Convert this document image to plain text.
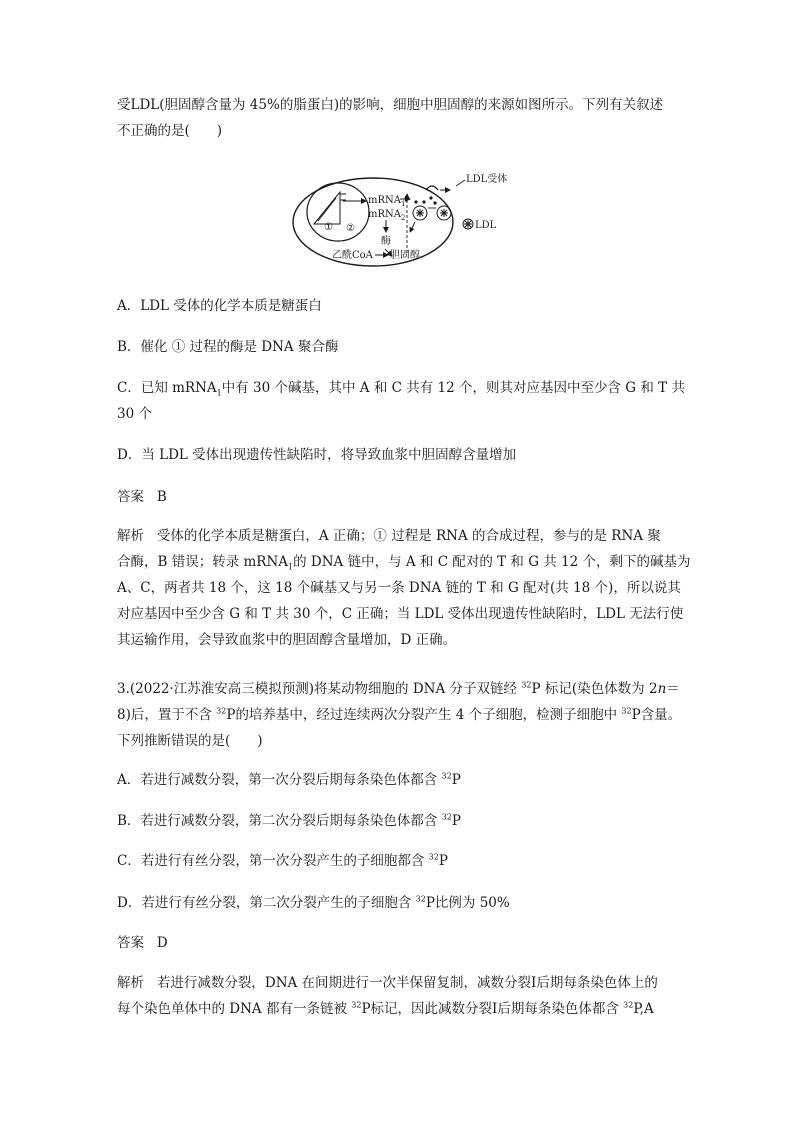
受LDL(胆固醇含量为 45%的脂蛋白)的影响，细胞中胆固醇的来源如图所示。下列有关叙述
不正确的是(　　)
① ②
mRNA$_1$
mRNA$_2$
酶
LDL受体
LDL
乙酰CoA 胆固醇
A．LDL 受体的化学本质是糖蛋白
B．催化 ① 过程的酶是 DNA 聚合酶
C．已知 mRNA$_1$中有 30 个碱基，其中 A 和 C 共有 12 个，则其对应基因中至少含 G 和 T 共
30 个
D．当 LDL 受体出现遗传性缺陷时，将导致血浆中胆固醇含量增加
答案 B
解析 受体的化学本质是糖蛋白，A 正确；① 过程是 RNA 的合成过程，参与的是 RNA 聚
合酶，B 错误；转录 mRNA$_1$的 DNA 链中，与 A 和 C 配对的 T 和 G 共 12 个，剩下的碱基为
A、C，两者共 18 个，这 18 个碱基又与另一条 DNA 链的 T 和 G 配对(共 18 个)，所以说其
对应基因中至少含 G 和 T 共 30 个，C 正确；当 LDL 受体出现遗传性缺陷时，LDL 无法行使
其运输作用，会导致血浆中的胆固醇含量增加，D 正确。
3.(2022·江苏淮安高三模拟预测)将某动物细胞的 DNA 分子双链经 $^{32}$P 标记(染色体数为 2n＝
8)后，置于不含 $^{32}$P的培养基中，经过连续两次分裂产生 4 个子细胞，检测子细胞中 $^{32}$P含量。
下列推断错误的是(　　)
A．若进行减数分裂，第一次分裂后期每条染色体都含 $^{32}$P
B．若进行减数分裂，第二次分裂后期每条染色体都含 $^{32}$P
C．若进行有丝分裂，第一次分裂产生的子细胞都含 $^{32}$P
D．若进行有丝分裂，第二次分裂产生的子细胞含 $^{32}$P比例为 50%
答案 D
解析 若进行减数分裂，DNA 在间期进行一次半保留复制，减数分裂Ⅰ后期每条染色体上的
每个染色单体中的 DNA 都有一条链被 $^{32}$P标记，因此减数分裂Ⅰ后期每条染色体都含 $^{32}$P,A
